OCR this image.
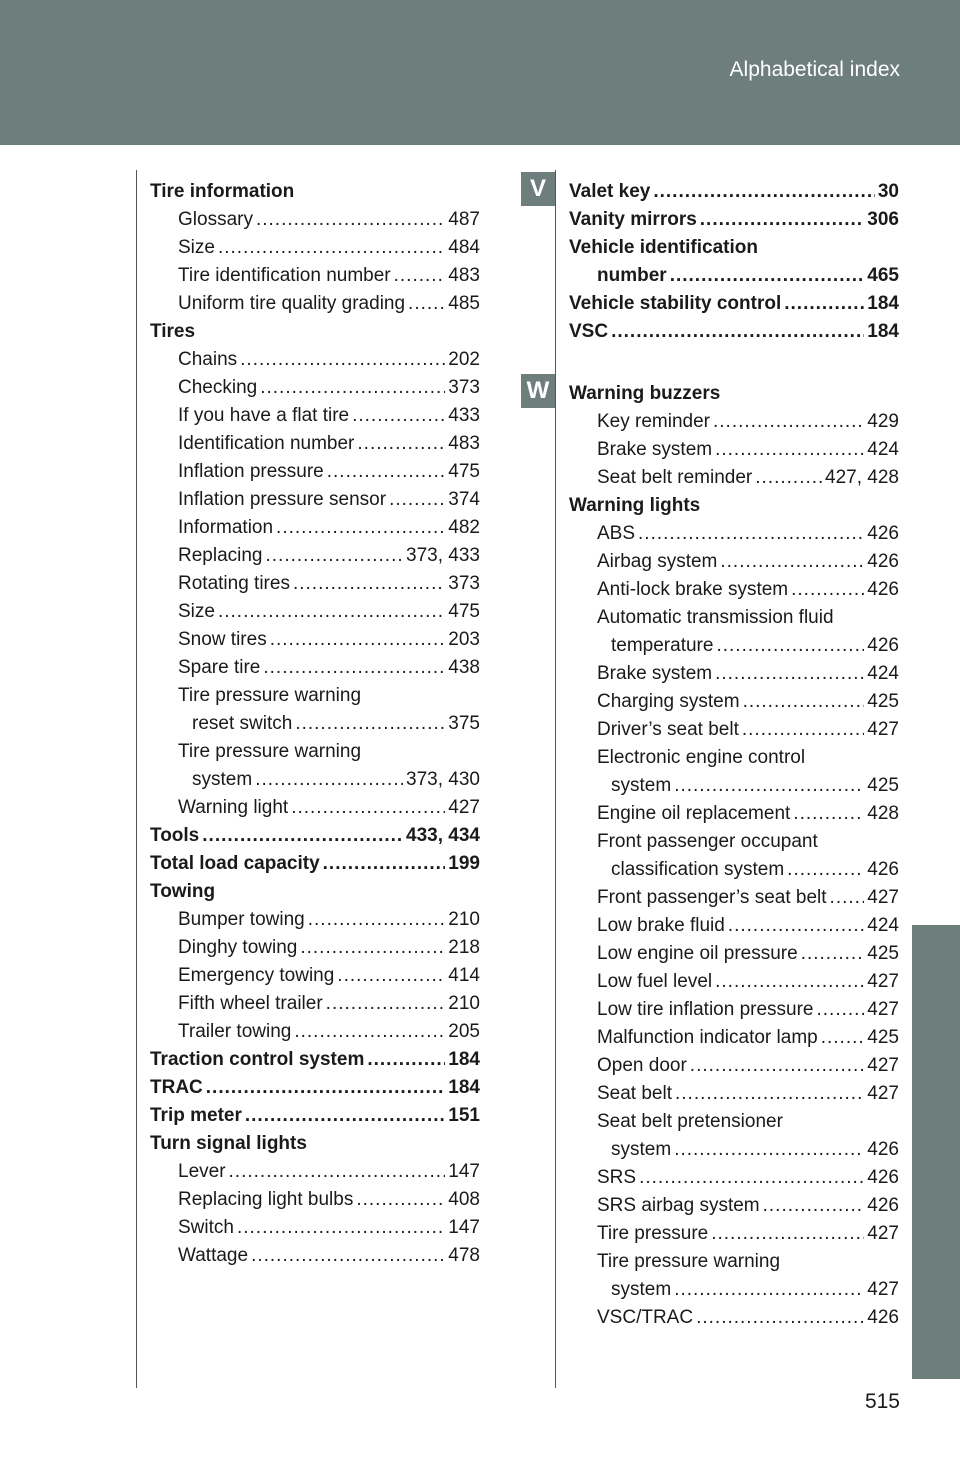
Alphabetical index
V
W
Tire information
Glossary .....	487
Size .....	484
Tire identification number .....	483
Uniform tire quality grading ..... 485
Tires
Chains .....	202
Checking .....	373
If you have a flat tire .....	433
Identification number .....	483
Inflation pressure .....	475
Inflation pressure sensor .....	374
Information .....	482
Replacing .....	373, 433
Rotating tires .....	373
Size .....	475
Snow tires .....	203
Spare tire .....	438
Tire pressure warning
reset switch .....	375
Tire pressure warning
system .....	373, 430
Warning light .....	427
Tools .....	433, 434
Total load capacity .....	199
Towing
Bumper towing .....	210
Dinghy towing .....	218
Emergency towing .....	414
Fifth wheel trailer .....	210
Trailer towing .....	205
Traction control system .....	184
TRAC .....	184
Trip meter .....	151
Turn signal lights
Lever .....	147
Replacing light bulbs .....	408
Switch .....	147
Wattage .....	478
Valet key .....	30
Vanity mirrors .....	306
Vehicle identification
number .....	465
Vehicle stability control .....	184
VSC .....	184
Warning buzzers
Key reminder .....	429
Brake system .....	424
Seat belt reminder .....	427, 428
Warning lights
ABS .....	426
Airbag system .....	426
Anti-lock brake system .....	426
Automatic transmission fluid
temperature .....	426
Brake system .....	424
Charging system .....	425
Driver’s seat belt .....	427
Electronic engine control
system .....	425
Engine oil replacement .....	428
Front passenger occupant
classification system .....	426
Front passenger’s seat belt ..... 427
Low brake fluid .....	424
Low engine oil pressure .....	425
Low fuel level .....	427
Low tire inflation pressure .....	427
Malfunction indicator lamp .....	425
Open door .....	427
Seat belt .....	427
Seat belt pretensioner
system .....	426
SRS .....	426
SRS airbag system .....	426
Tire pressure .....	427
Tire pressure warning
system .....	427
VSC/TRAC .....	426
515
